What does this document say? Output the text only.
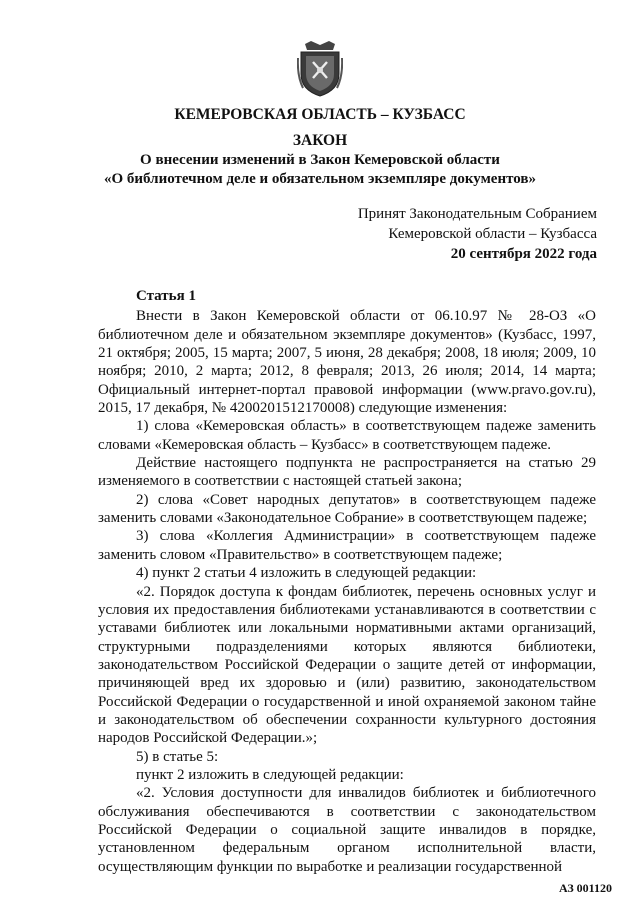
КЕМЕРОВСКАЯ ОБЛАСТЬ – КУЗБАСС
ЗАКОН
О внесении изменений в Закон Кемеровской области
«О библиотечном деле и обязательном экземпляре документов»
Принят Законодательным Собранием
Кемеровской области – Кузбасса
20 сентября 2022 года
Статья 1

Внести в Закон Кемеровской области от 06.10.97 № 28-ОЗ «О библиотечном деле и обязательном экземпляре документов» (Кузбасс, 1997, 21 октября; 2005, 15 марта; 2007, 5 июня, 28 декабря; 2008, 18 июля; 2009, 10 ноября; 2010, 2 марта; 2012, 8 февраля; 2013, 26 июля; 2014, 14 марта; Официальный интернет-портал правовой информации (www.pravo.gov.ru), 2015, 17 декабря, № 4200201512170008) следующие изменения:

1) слова «Кемеровская область» в соответствующем падеже заменить словами «Кемеровская область – Кузбасс» в соответствующем падеже.

Действие настоящего подпункта не распространяется на статью 29 изменяемого в соответствии с настоящей статьей закона;

2) слова «Совет народных депутатов» в соответствующем падеже заменить словами «Законодательное Собрание» в соответствующем падеже;

3) слова «Коллегия Администрации» в соответствующем падеже заменить словом «Правительство» в соответствующем падеже;

4) пункт 2 статьи 4 изложить в следующей редакции:

«2. Порядок доступа к фондам библиотек, перечень основных услуг и условия их предоставления библиотеками устанавливаются в соответствии с уставами библиотек или локальными нормативными актами организаций, структурными подразделениями которых являются библиотеки, законодательством Российской Федерации о защите детей от информации, причиняющей вред их здоровью и (или) развитию, законодательством Российской Федерации о государственной и иной охраняемой законом тайне и законодательством об обеспечении сохранности культурного достояния народов Российской Федерации.»;

5) в статье 5:

пункт 2 изложить в следующей редакции:

«2. Условия доступности для инвалидов библиотек и библиотечного обслуживания обеспечиваются в соответствии с законодательством Российской Федерации о социальной защите инвалидов в порядке, установленном федеральным органом исполнительной власти, осуществляющим функции по выработке и реализации государственной

АЗ 001120
